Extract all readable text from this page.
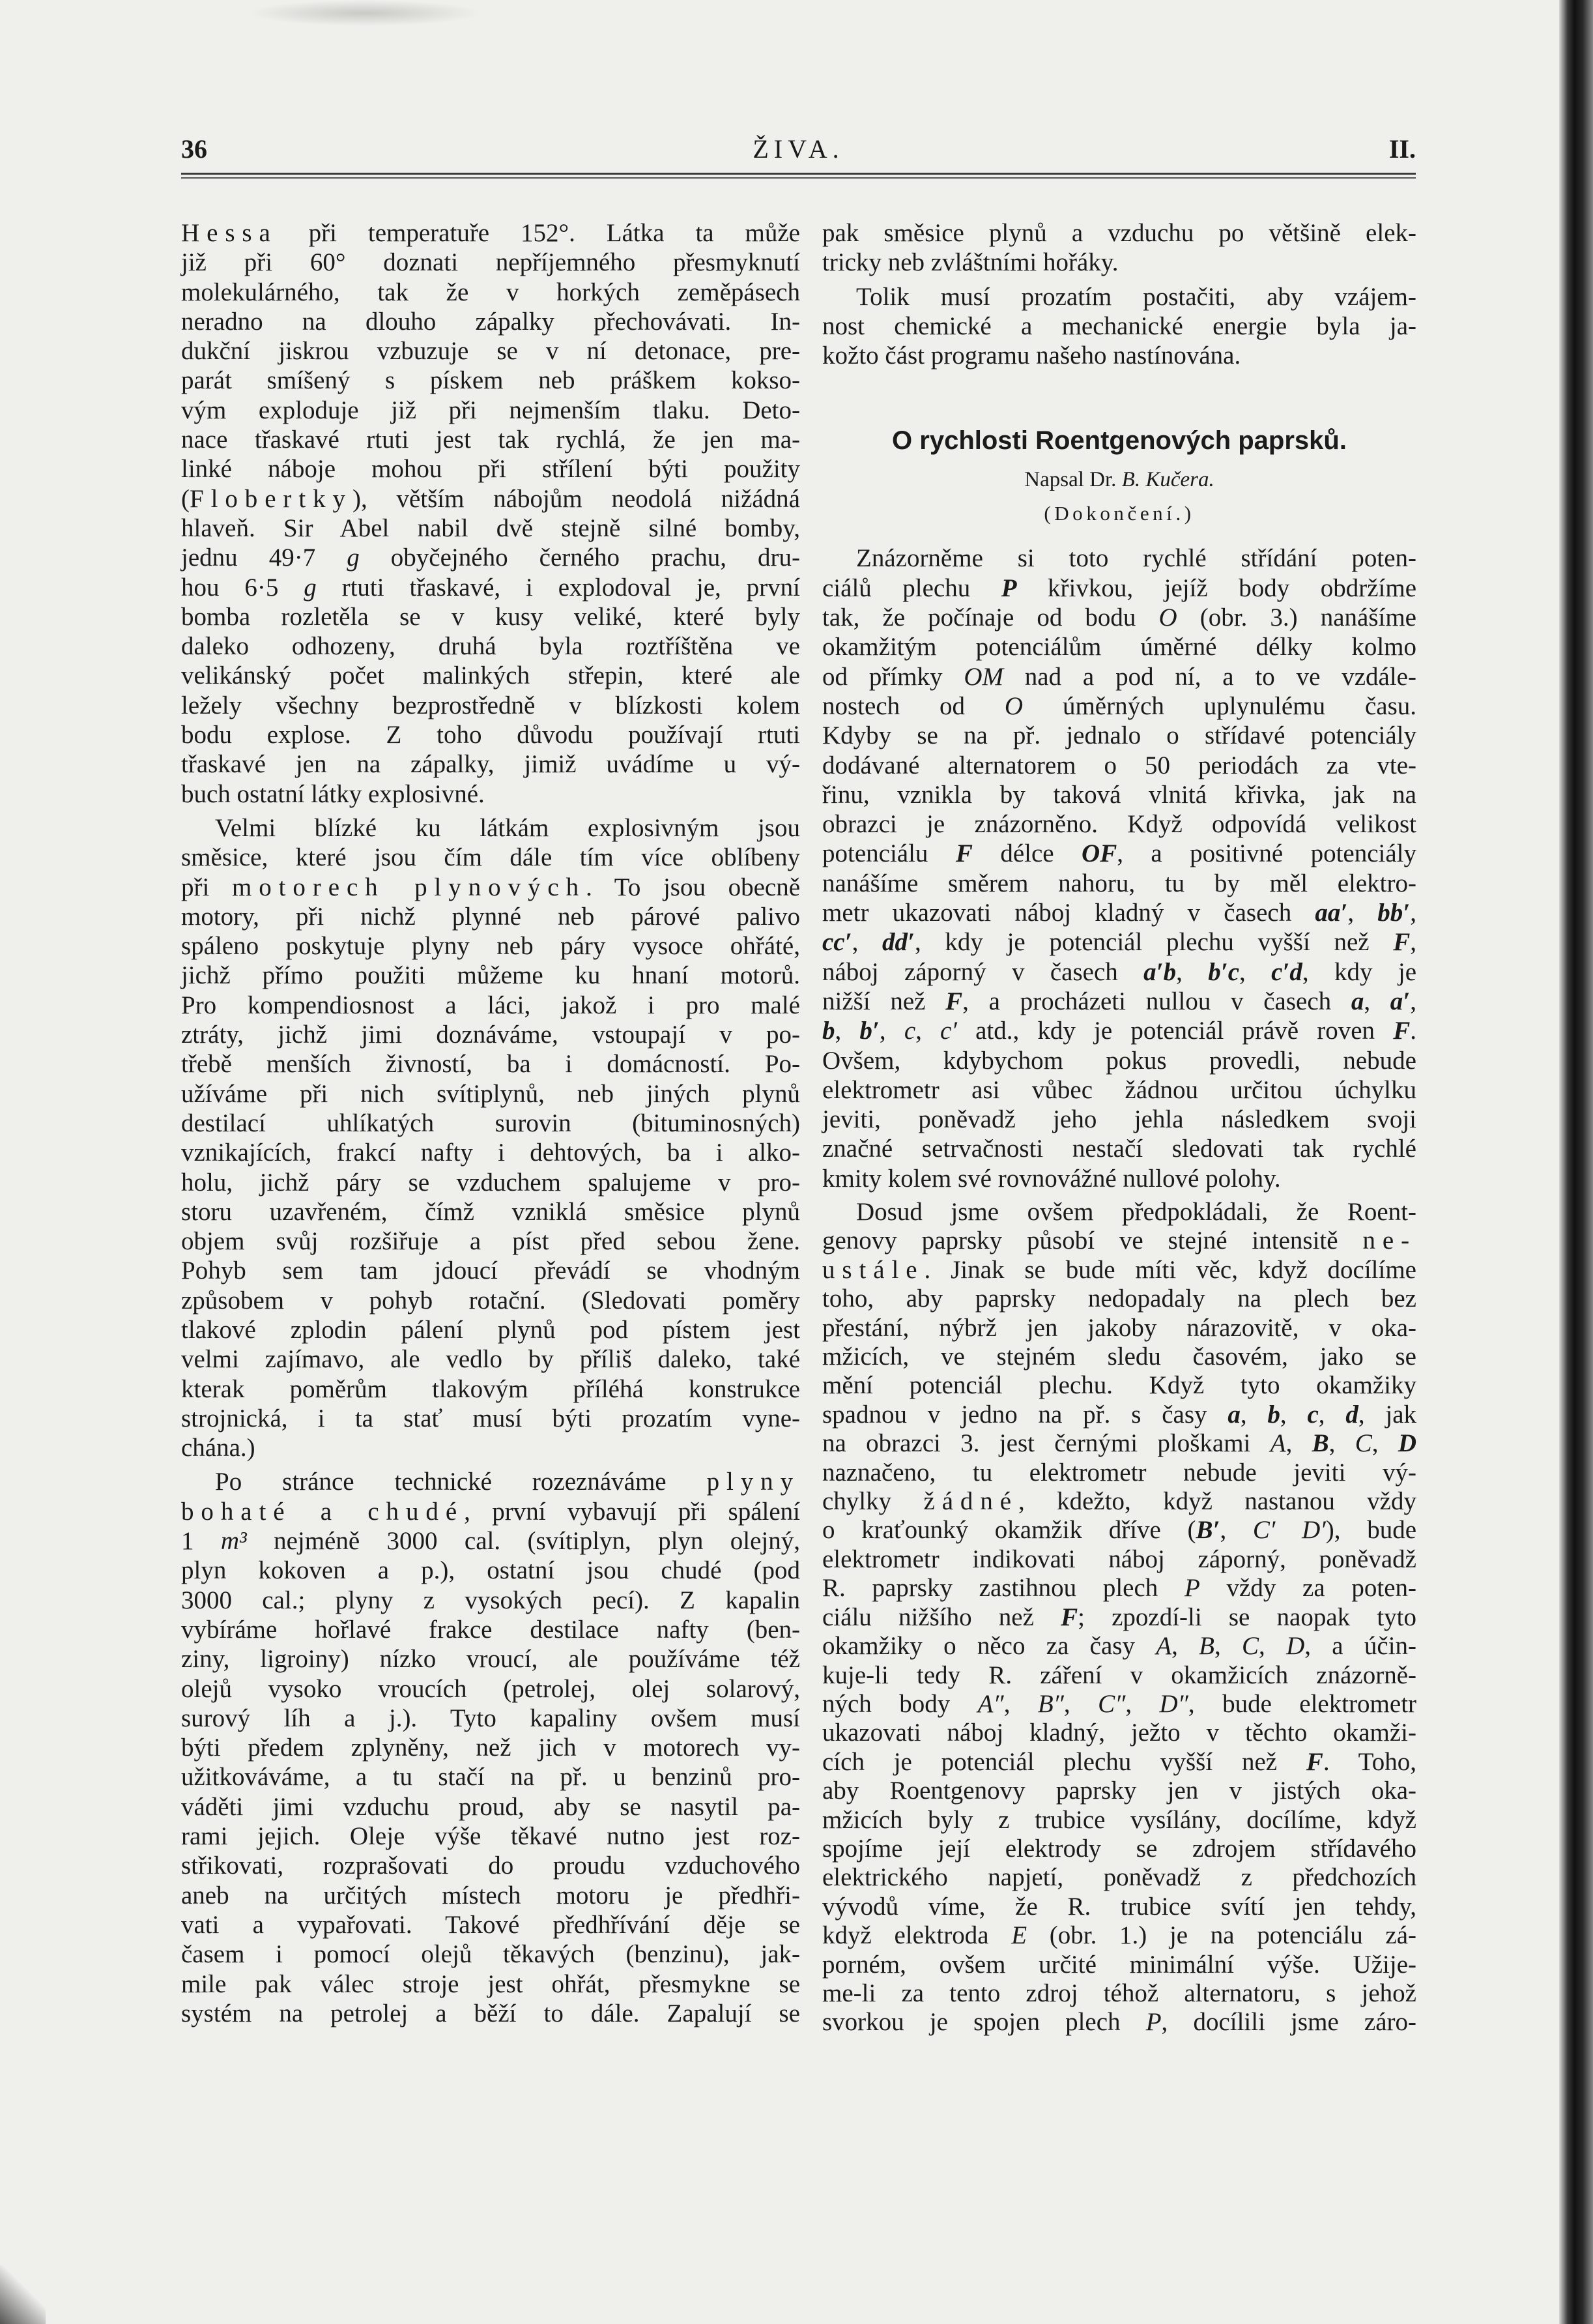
36	ŽIVA.	II.
Hessa při temperatuře 152°. Látka ta může
již při 60° doznati nepříjemného přesmyknutí
molekulárného, tak že v horkých zeměpásech
neradno na dlouho zápalky přechovávati. In-
dukční jiskrou vzbuzuje se v ní detonace, pre-
parát smíšený s pískem neb práškem kokso-
vým exploduje již při nejmenším tlaku. Deto-
nace třaskavé rtuti jest tak rychlá, že jen ma-
linké náboje mohou při střílení býti použity
(Flobertky), větším nábojům neodolá nižádná
hlaveň. Sir Abel nabil dvě stejně silné bomby,
jednu 49·7 g obyčejného černého prachu, dru-
hou 6·5 g rtuti třaskavé, i explodoval je, první
bomba rozletěla se v kusy veliké, které byly
daleko odhozeny, druhá byla roztříštěna ve
velikánský počet malinkých střepin, které ale
ležely všechny bezprostředně v blízkosti kolem
bodu explose. Z toho důvodu používají rtuti
třaskavé jen na zápalky, jimiž uvádíme u vý-
buch ostatní látky explosivné.
Velmi blízké ku látkám explosivným jsou
směsice, které jsou čím dále tím více oblíbeny
při motorech plynových. To jsou obecně
motory, při nichž plynné neb párové palivo
spáleno poskytuje plyny neb páry vysoce ohřáté,
jichž přímo použiti můžeme ku hnaní motorů.
Pro kompendiosnost a láci, jakož i pro malé
ztráty, jichž jimi doznáváme, vstoupají v po-
třebě menších živností, ba i domácností. Po-
užíváme při nich svítiplynů, neb jiných plynů
destilací uhlíkatých surovin (bituminosných)
vznikajících, frakcí nafty i dehtových, ba i alko-
holu, jichž páry se vzduchem spalujeme v pro-
storu uzavřeném, čímž vzniklá směsice plynů
objem svůj rozšiřuje a píst před sebou žene.
Pohyb sem tam jdoucí převádí se vhodným
způsobem v pohyb rotační. (Sledovati poměry
tlakové zplodin pálení plynů pod pístem jest
velmi zajímavo, ale vedlo by příliš daleko, také
kterak poměrům tlakovým příléhá konstrukce
strojnická, i ta stať musí býti prozatím vyne-
chána.)
Po stránce technické rozeznáváme plyny
bohaté a chudé, první vybavují při spálení
1 m³ nejméně 3000 cal. (svítiplyn, plyn olejný,
plyn kokoven a p.), ostatní jsou chudé (pod
3000 cal.; plyny z vysokých pecí). Z kapalin
vybíráme hořlavé frakce destilace nafty (ben-
ziny, ligroiny) nízko vroucí, ale používáme též
olejů vysoko vroucích (petrolej, olej solarový,
surový líh a j.). Tyto kapaliny ovšem musí
býti předem zplyněny, než jich v motorech vy-
užitkováváme, a tu stačí na př. u benzinů pro-
váděti jimi vzduchu proud, aby se nasytil pa-
rami jejich. Oleje výše těkavé nutno jest roz-
střikovati, rozprašovati do proudu vzduchového
aneb na určitých místech motoru je předhři-
vati a vypařovati. Takové předhřívání děje se
časem i pomocí olejů těkavých (benzinu), jak-
mile pak válec stroje jest ohřát, přesmykne se
systém na petrolej a běží to dále. Zapalují se
pak směsice plynů a vzduchu po většině elek-
tricky neb zvláštními hořáky.
Tolik musí prozatím postačiti, aby vzájem-
nost chemické a mechanické energie byla ja-
kožto část programu našeho nastínována.
O rychlosti Roentgenových paprsků.
Napsal Dr. B. Kučera.
(Dokončení.)
Znázorněme si toto rychlé střídání poten-
ciálů plechu P křivkou, jejíž body obdržíme
tak, že počínaje od bodu O (obr. 3.) nanášíme
okamžitým potenciálům úměrné délky kolmo
od přímky OM nad a pod ní, a to ve vzdále-
nostech od O úměrných uplynulému času.
Kdyby se na př. jednalo o střídavé potenciály
dodávané alternatorem o 50 periodách za vte-
řinu, vznikla by taková vlnitá křivka, jak na
obrazci je znázorněno. Když odpovídá velikost
potenciálu F délce OF, a positivné potenciály
nanášíme směrem nahoru, tu by měl elektro-
metr ukazovati náboj kladný v časech aa′, bb′,
cc′, dd′, kdy je potenciál plechu vyšší než F,
náboj záporný v časech a′b, b′c, c′d, kdy je
nižší než F, a procházeti nullou v časech a, a′,
b, b′, c, c′ atd., kdy je potenciál právě roven F.
Ovšem, kdybychom pokus provedli, nebude
elektrometr asi vůbec žádnou určitou úchylku
jeviti, poněvadž jeho jehla následkem svoji
značné setrvačnosti nestačí sledovati tak rychlé
kmity kolem své rovnovážné nullové polohy.
Dosud jsme ovšem předpokládali, že Roent-
genovy paprsky působí ve stejné intensitě ne-
ustále. Jinak se bude míti věc, když docílíme
toho, aby paprsky nedopadaly na plech bez
přestání, nýbrž jen jakoby nárazovitě, v oka-
mžicích, ve stejném sledu časovém, jako se
mění potenciál plechu. Když tyto okamžiky
spadnou v jedno na př. s časy a, b, c, d, jak
na obrazci 3. jest černými ploškami A, B, C, D
naznačeno, tu elektrometr nebude jeviti vý-
chylky žádné, kdežto, když nastanou vždy
o kraťounký okamžik dříve (B′, C′ D′), bude
elektrometr indikovati náboj záporný, poněvadž
R. paprsky zastihnou plech P vždy za poten-
ciálu nižšího než F; zpozdí-li se naopak tyto
okamžiky o něco za časy A, B, C, D, a účin-
kuje-li tedy R. záření v okamžicích znázorně-
ných body A″, B″, C″, D″, bude elektrometr
ukazovati náboj kladný, ježto v těchto okamži-
cích je potenciál plechu vyšší než F. Toho,
aby Roentgenovy paprsky jen v jistých oka-
mžicích byly z trubice vysílány, docílíme, když
spojíme její elektrody se zdrojem střídavého
elektrického napjetí, poněvadž z předchozích
vývodů víme, že R. trubice svítí jen tehdy,
když elektroda E (obr. 1.) je na potenciálu zá-
porném, ovšem určité minimální výše. Užije-
me-li za tento zdroj téhož alternatoru, s jehož
svorkou je spojen plech P, docílili jsme záro-
